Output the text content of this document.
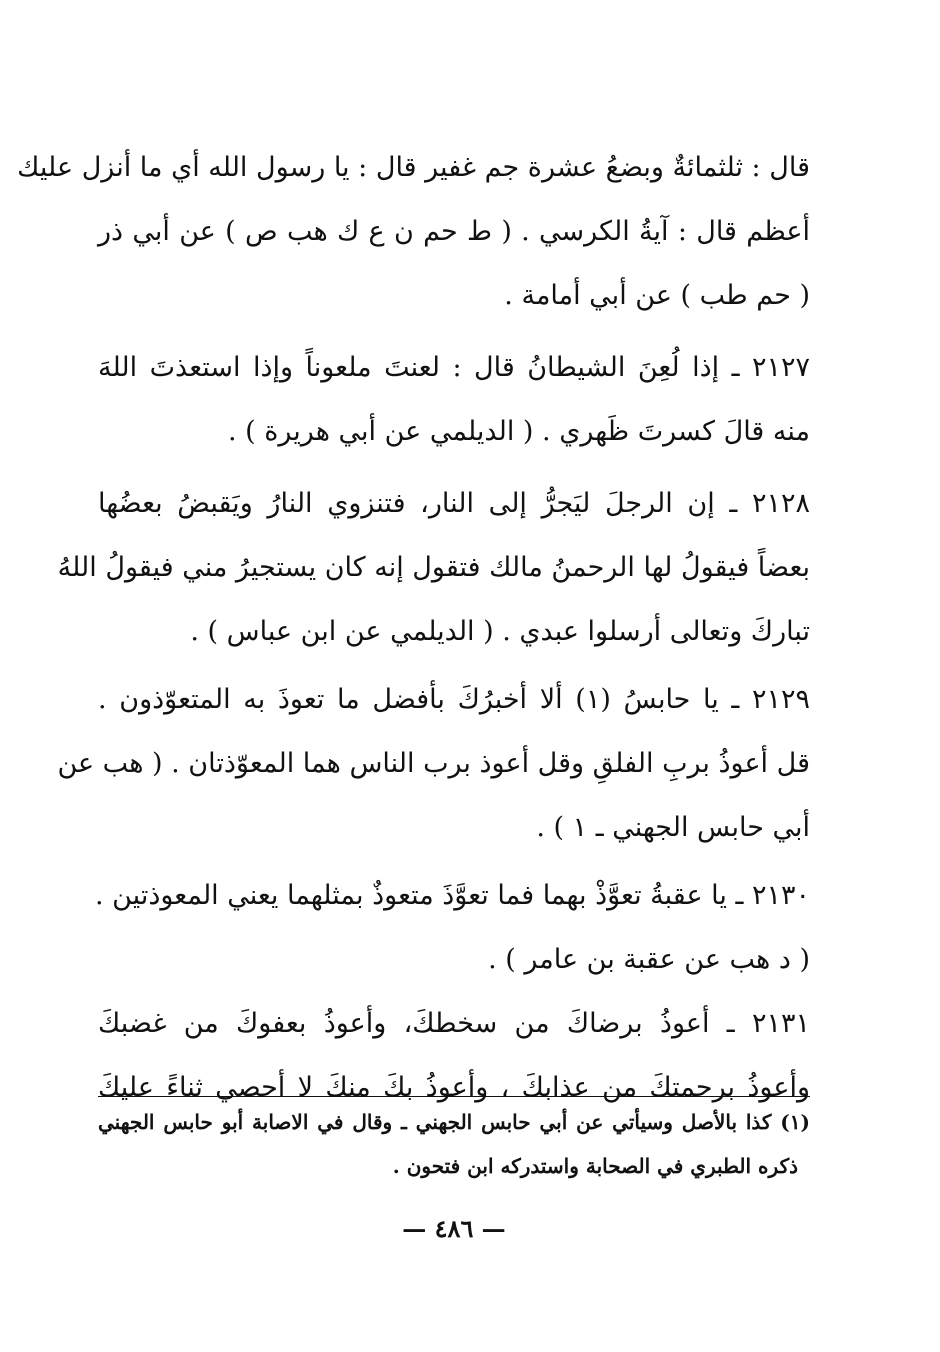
قال : ثلثمائةٌ وبضعُ عشرة جم غفير قال : يا رسول الله أي ما أنزل عليك
أعظم قال : آيةُ الكرسي . ( ط حم ن ع ك هب ص ) عن أبي ذر
( حم طب ) عن أبي أمامة .
٢١٢٧ ـ إذا لُعِنَ الشيطانُ قال : لعنتَ ملعوناً وإذا استعذتَ اللهَ
منه قالَ كسرتَ ظَهري . ( الديلمي عن أبي هريرة ) .
٢١٢٨ ـ إن الرجلَ ليَجرُّ إلى النار، فتنزوي النارُ ويَقبضُ بعضُها
بعضاً فيقولُ لها الرحمنُ مالك فتقول إنه كان يستجيرُ مني فيقولُ اللهُ
تباركَ وتعالى أرسلوا عبدي . ( الديلمي عن ابن عباس ) .
٢١٢٩ ـ يا حابسُ (١) ألا أخبرُكَ بأفضل ما تعوذَ به المتعوّذون .
قل أعوذُ بربِ الفلقِ وقل أعوذ برب الناس هما المعوّذتان . ( هب عن
أبي حابس الجهني ـ ١ ) .
٢١٣٠ ـ يا عقبةُ تعوَّذْ بهما فما تعوَّذَ متعوذٌ بمثلهما يعني المعوذتين .
( د هب عن عقبة بن عامر ) .
٢١٣١ ـ أعوذُ برضاكَ من سخطكَ، وأعوذُ بعفوكَ من غضبكَ
وأعوذُ برحمتكَ من عذابكَ ، وأعوذُ بكَ منكَ لا أحصي ثناءً عليكَ
(١) كذا بالأصل وسيأتي عن أبي حابس الجهني ـ وقال في الاصابة أبو حابس الجهني
ذكره الطبري في الصحابة واستدركه ابن فتحون .
— ٤٨٦ —
